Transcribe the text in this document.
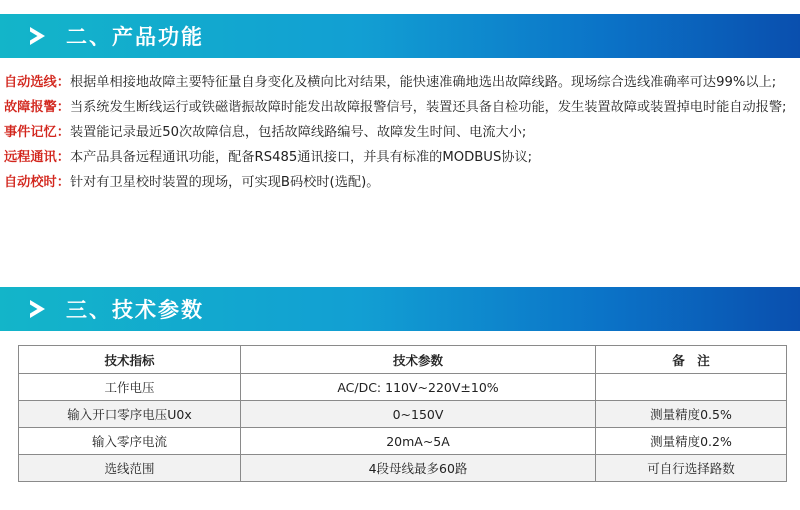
二、产品功能

自动选线：根据单相接地故障主要特征量自身变化及横向比对结果，能快速准确地选出故障线路。现场综合选线准确率可达99%以上;

故障报警：当系统发生断线运行或铁磁谐振故障时能发出故障报警信号，装置还具备自检功能，发生装置故障或装置掉电时能自动报警;

事件记忆：装置能记录最近50次故障信息，包括故障线路编号、故障发生时间、电流大小;

远程通讯：本产品具备远程通讯功能，配备RS485通讯接口，并具有标准的MODBUS协议;

自动校时：针对有卫星校时装置的现场，可实现B码校时(选配)。

三、技术参数
技术指标	技术参数	备　注
工作电压	AC/DC: 110V~220V±10%	
输入开口零序电压U0x	0~150V	测量精度0.5%
输入零序电流	20mA~5A	测量精度0.2%
选线范围	4段母线最多60路	可自行选择路数
